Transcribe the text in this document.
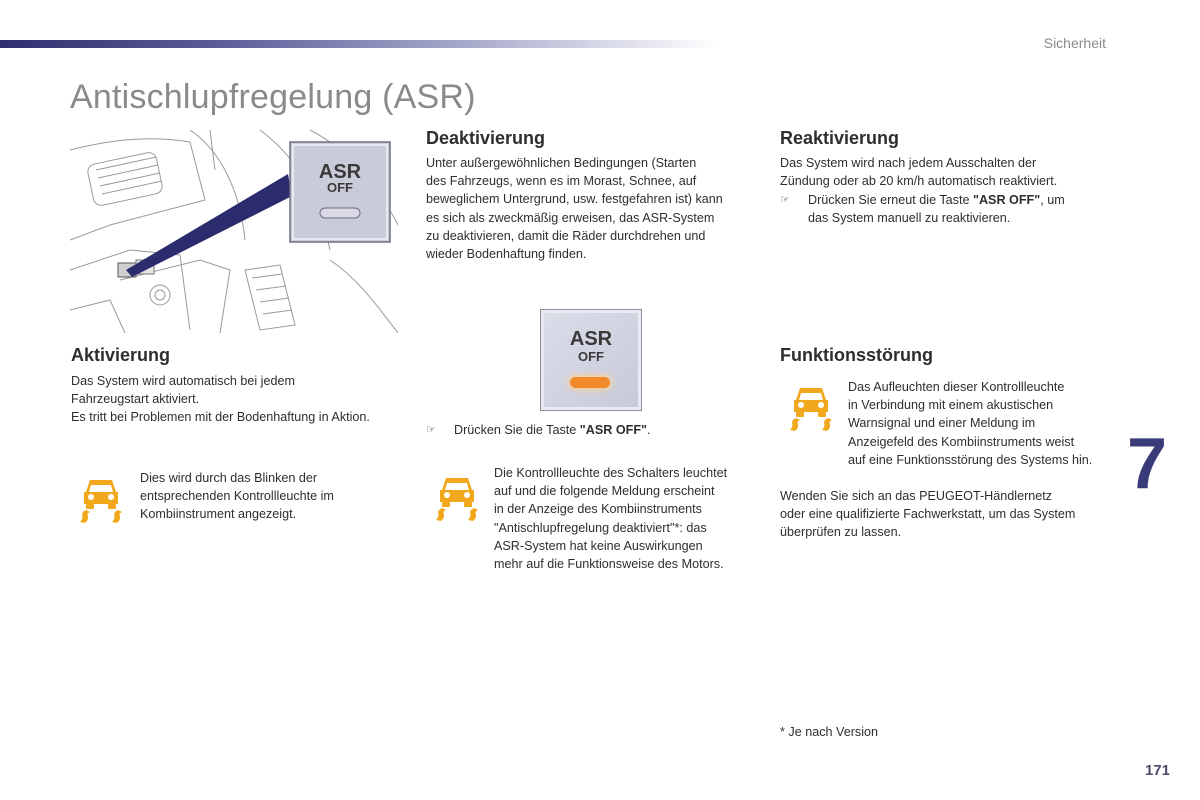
Sicherheit
Antischlupfregelung (ASR)
ASR
OFF
Aktivierung
Das System wird automatisch bei jedem
Fahrzeugstart aktiviert.
Es tritt bei Problemen mit der Bodenhaftung in Aktion.
Dies wird durch das Blinken der
entsprechenden Kontrollleuchte im
Kombiinstrument angezeigt.
Deaktivierung
Unter außergewöhnlichen Bedingungen (Starten
des Fahrzeugs, wenn es im Morast, Schnee, auf
beweglichem Untergrund, usw. festgefahren ist) kann
es sich als zweckmäßig erweisen, das ASR-System
zu deaktivieren, damit die Räder durchdrehen und
wieder Bodenhaftung finden.
ASR
OFF
☞	Drücken Sie die Taste "ASR OFF".
Die Kontrollleuchte des Schalters leuchtet
auf und die folgende Meldung erscheint
in der Anzeige des Kombiinstruments
"Antischlupfregelung deaktiviert"*: das
ASR-System hat keine Auswirkungen
mehr auf die Funktionsweise des Motors.
Reaktivierung
Das System wird nach jedem Ausschalten der
Zündung oder ab 20 km/h automatisch reaktiviert.
☞	Drücken Sie erneut die Taste "ASR OFF", um
das System manuell zu reaktivieren.
Funktionsstörung
Das Aufleuchten dieser Kontrollleuchte
in Verbindung mit einem akustischen
Warnsignal und einer Meldung im
Anzeigefeld des Kombiinstruments weist
auf eine Funktionsstörung des Systems hin.
Wenden Sie sich an das PEUGEOT-Händlernetz
oder eine qualifizierte Fachwerkstatt, um das System
überprüfen zu lassen.
* Je nach Version
7
171
